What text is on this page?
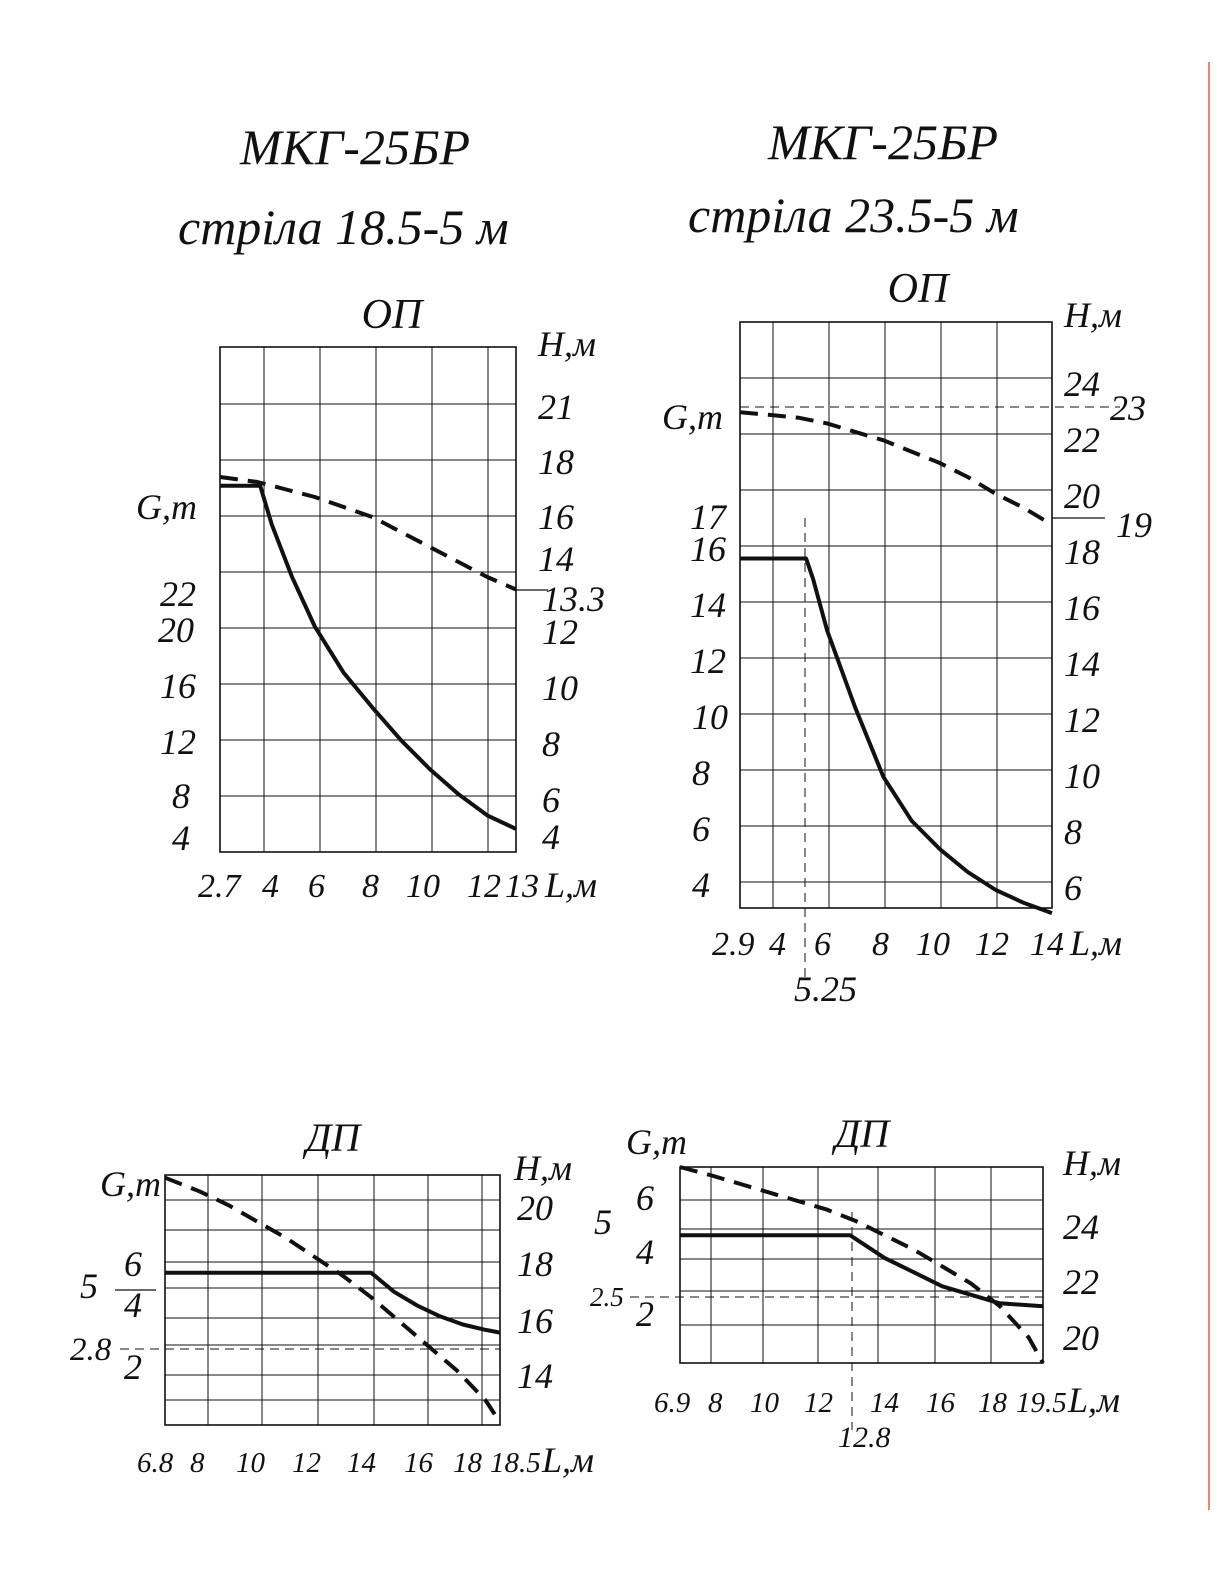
МКГ-25БР
стріла 18.5-5 м
МКГ-25БР
стріла 23.5-5 м
ОП
2.7 4 6 8 10 12 13 L,м
4
8
12
16
20
22
G,т
4
6
8
10
12
14
16
18
21
H,м
13.3
ОП
2.9 4 6 8 10 12 14 L,м
4
6
8
10
12
14
16
17
G,т
6
8
10
12
14
16
18
20
22
24
H,м
23
19
5.25
ДП
6.8 8 10 12 14 16 18 18.5 L,м
2
4
6
G,т
14
16
18
20
H,м
5
2.8
ДП
6.9 8 10 12 14 16 18 19.5 L,м
2
4
6
G,т
20
22
24
H,м
5
2.5
12.8
